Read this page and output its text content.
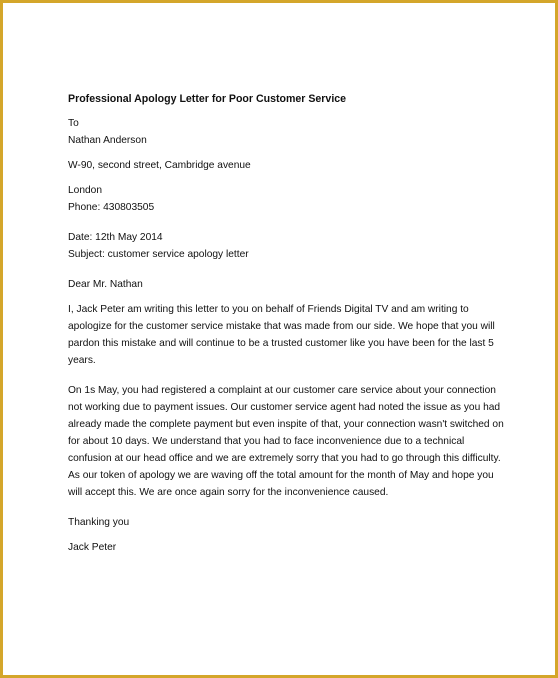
Professional Apology Letter for Poor Customer Service

To

Nathan Anderson

W-90, second street, Cambridge avenue

London

Phone: 430803505

Date: 12th May 2014

Subject: customer service apology letter

Dear Mr. Nathan

I, Jack Peter am writing this letter to you on behalf of Friends Digital TV and am writing to
apologize for the customer service mistake that was made from our side. We hope that you will
pardon this mistake and will continue to be a trusted customer like you have been for the last 5
years.
On 1s May, you had registered a complaint at our customer care service about your connection
not working due to payment issues. Our customer service agent had noted the issue as you had
already made the complete payment but even inspite of that, your connection wasn't switched on
for about 10 days. We understand that you had to face inconvenience due to a technical
confusion at our head office and we are extremely sorry that you had to go through this difficulty.
As our token of apology we are waving off the total amount for the month of May and hope you
will accept this. We are once again sorry for the inconvenience caused.

Thanking you

Jack Peter
